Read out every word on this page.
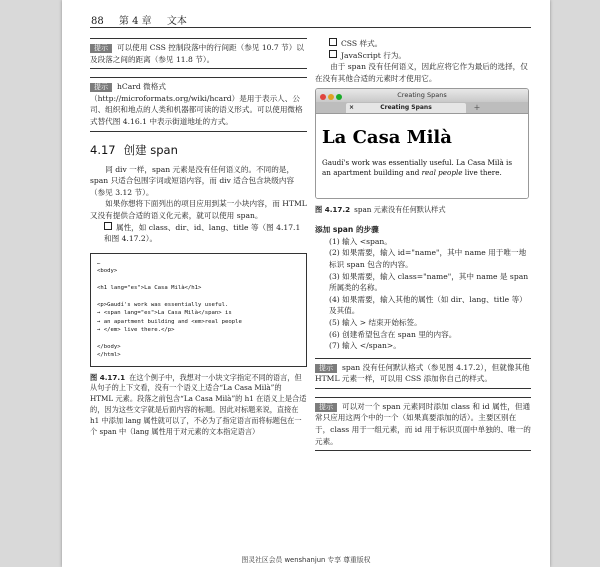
88 第 4 章 文本
提示 可以使用 CSS 控制段落中的行间距（参见 10.7 节）以及段落之间的距离（参见 11.8 节）。
提示 hCard 微格式（http://microformats.org/wiki/hcard）是用于表示人、公司、组织和地点的人类和机器都可读的语义形式。可以使用微格式替代图 4.16.1 中表示街道地址的方式。
4.17 创建 span

同 div 一样，span 元素是没有任何语义的。不同的是，span 只适合包围字词或短语内容，而 div 适合包含块级内容（参见 3.12 节）。

如果你想将下面列出的项目应用到某一小块内容，而 HTML 又没有提供合适的语义化元素，就可以使用 span。

属性，如 class、dir、id、lang、title 等（图 4.17.1 和图 4.17.2）。
…
<body>

<h1 lang="es">La Casa Milà</h1>

<p>Gaudí's work was essentially useful.
→ <span lang="es">La Casa Milà</span> is
→ an apartment building and <em>real people
→ </em> live there.</p>

</body>
</html>
图 4.17.1 在这个例子中，我想对一小块文字指定不同的语言，但从句子的上下文看，没有一个语义上适合“La Casa Milà”的 HTML 元素。段落之前包含“La Casa Milà”的 h1 在语义上是合适的，因为这些文字就是后面内容的标题。因此对标题来说，直接在 h1 中添加 lang 属性就可以了，不必为了指定语言而将标题包在一个 span 中（lang 属性用于对元素的文本指定语言）
CSS 样式。
JavaScript 行为。

由于 span 没有任何语义，因此应将它作为最后的选择，仅在没有其他合适的元素时才使用它。

Creating Spans
×	Creating Spans	+
La Casa Milà
Gaudí's work was essentially useful. La Casa Milà is an apartment building and real people live there.
图 4.17.2 span 元素没有任何默认样式
添加 span 的步骤
(1) 输入 <span。
(2) 如果需要，输入 id="name"，其中 name 用于唯一地标识 span 包含的内容。
(3) 如果需要，输入 class="name"，其中 name 是 span 所属类的名称。
(4) 如果需要，输入其他的属性（如 dir、lang、title 等）及其值。
(5) 输入 > 结束开始标签。
(6) 创建希望包含在 span 里的内容。
(7) 输入 </span>。
提示 span 没有任何默认格式（参见图 4.17.2），但就像其他 HTML 元素一样，可以用 CSS 添加你自己的样式。
提示 可以对一个 span 元素同时添加 class 和 id 属性，但通常只应用这两个中的一个（如果真要添加的话）。主要区别在于，class 用于一组元素，而 id 用于标识页面中单独的、唯一的元素。
图灵社区会员 wenshanjun 专享 尊重版权
